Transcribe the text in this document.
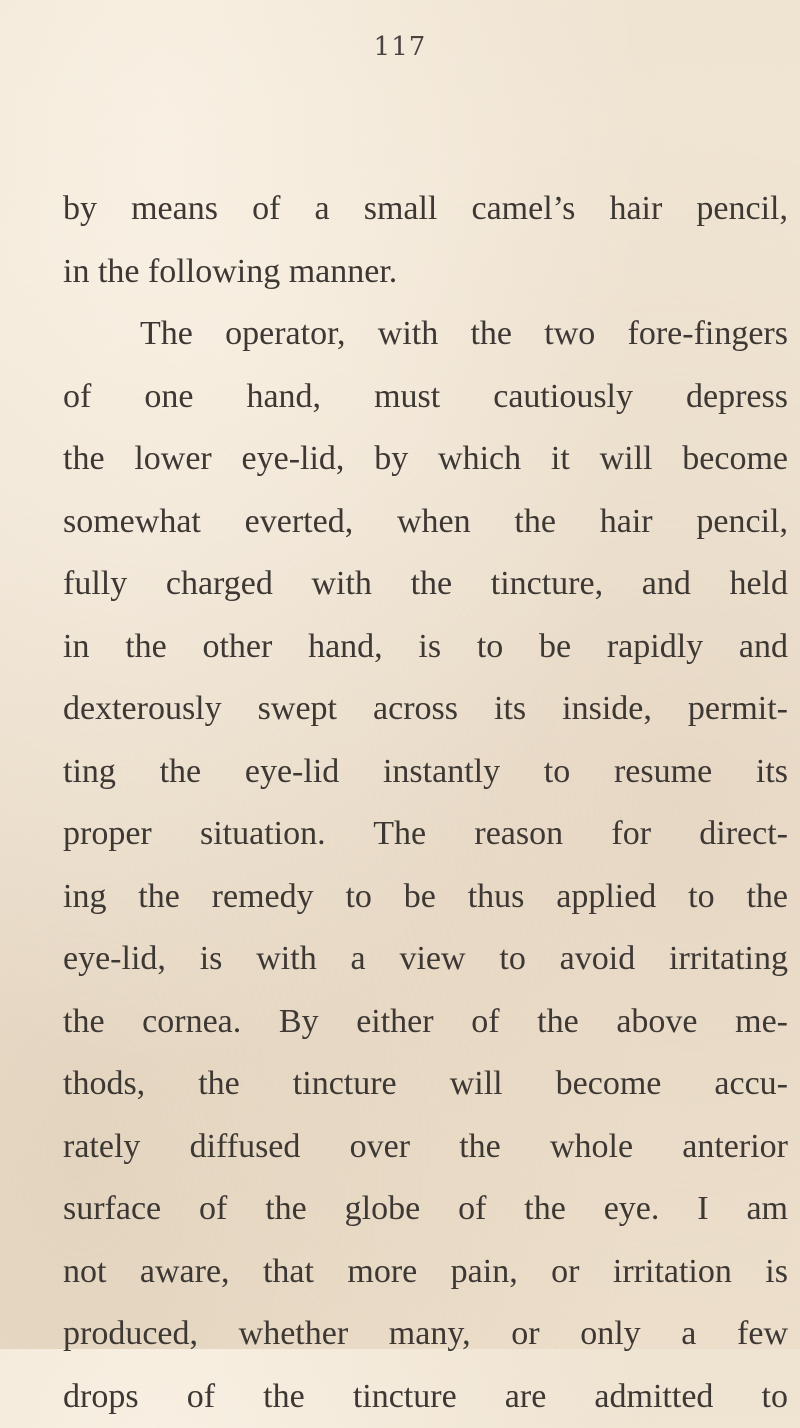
117
by means of a small camel’s hair pencil,
in the following manner.
The operator, with the two fore-fingers
of one hand, must cautiously depress
the lower eye-lid, by which it will become
somewhat everted, when the hair pencil,
fully charged with the tincture, and held
in the other hand, is to be rapidly and
dexterously swept across its inside, permit-
ting the eye-lid instantly to resume its
proper situation. The reason for direct-
ing the remedy to be thus applied to the
eye-lid, is with a view to avoid irritating
the cornea. By either of the above me-
thods, the tincture will become accu-
rately diffused over the whole anterior
surface of the globe of the eye. I am
not aware, that more pain, or irritation is
produced, whether many, or only a few
drops of the tincture are admitted to
